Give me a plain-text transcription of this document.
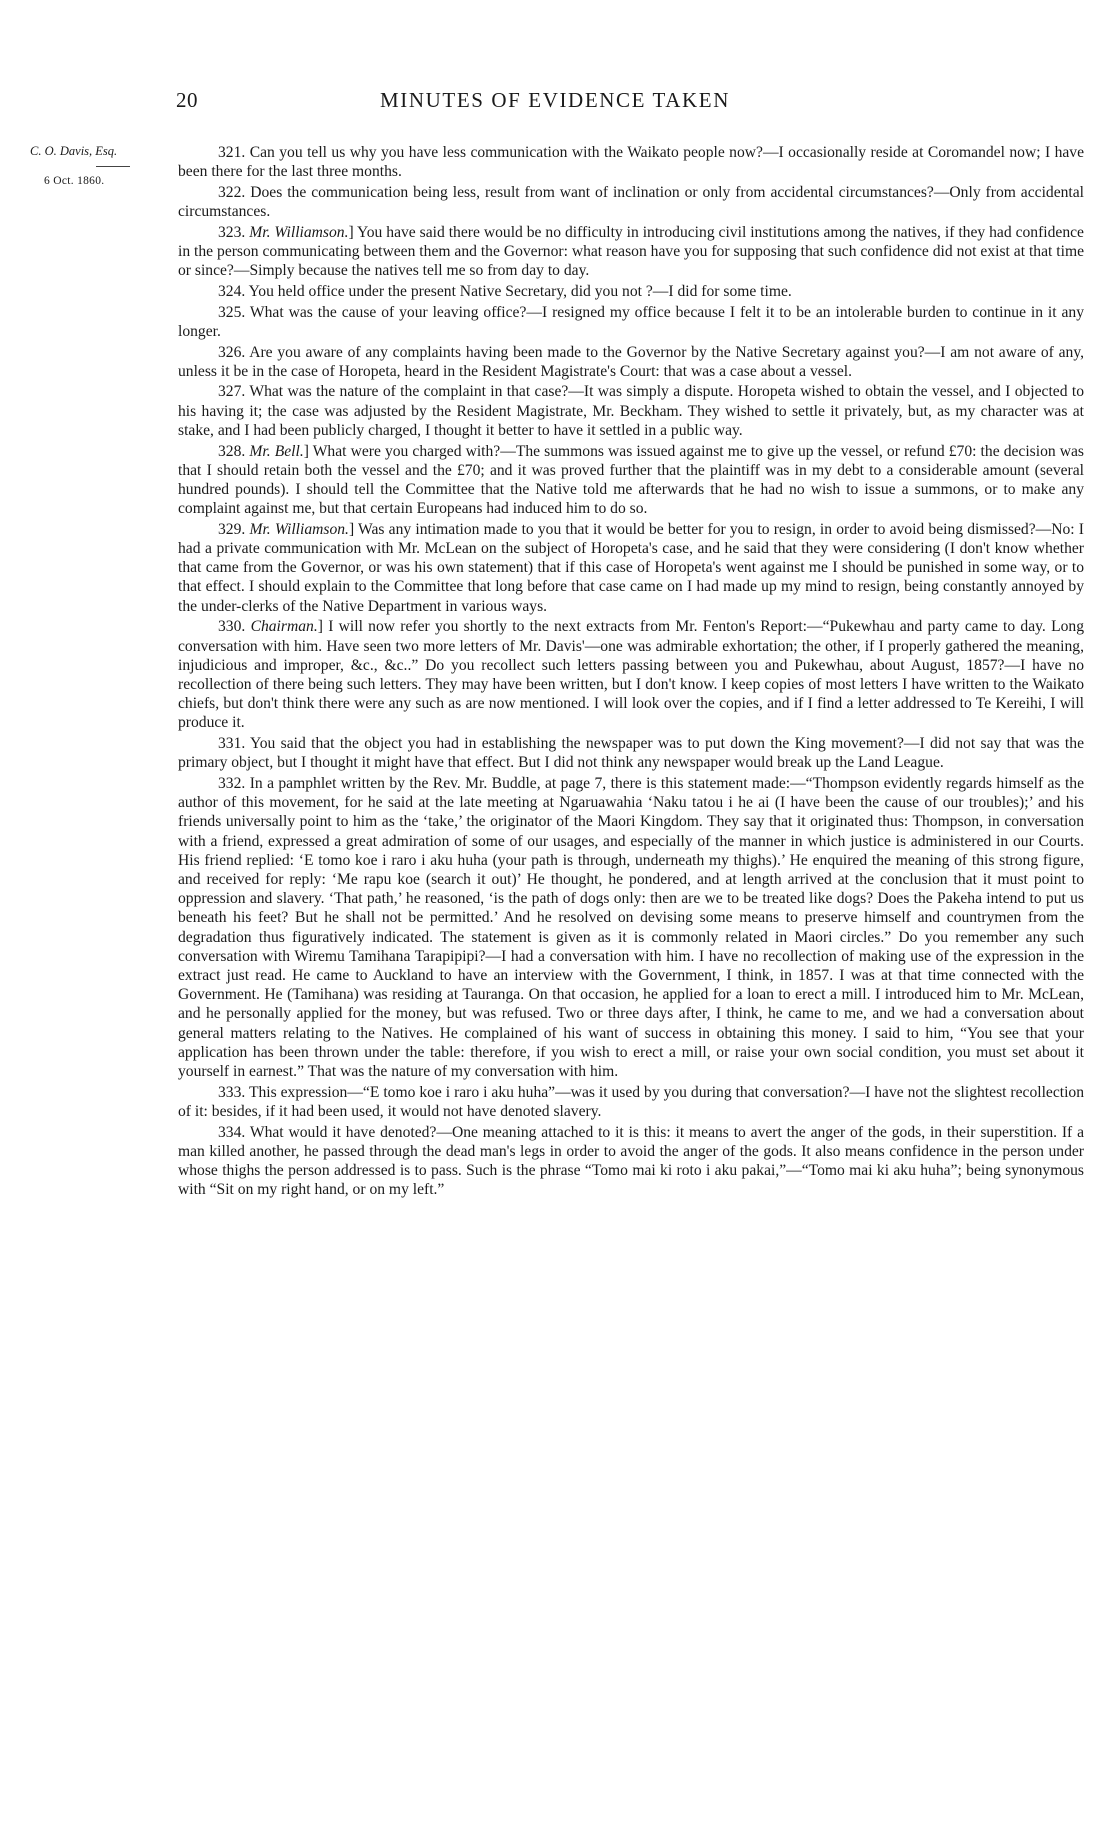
20	MINUTES OF EVIDENCE TAKEN
C. O. Davis, Esq.
6 Oct. 1860.

321. Can you tell us why you have less communication with the Waikato people now?—I occasionally reside at Coromandel now; I have been there for the last three months.

322. Does the communication being less, result from want of inclination or only from accidental circumstances?—Only from accidental circumstances.

323. Mr. Williamson.] You have said there would be no difficulty in introducing civil institutions among the natives, if they had confidence in the person communicating between them and the Governor: what reason have you for supposing that such confidence did not exist at that time or since?—Simply because the natives tell me so from day to day.

324. You held office under the present Native Secretary, did you not ?—I did for some time.

325. What was the cause of your leaving office?—I resigned my office because I felt it to be an intolerable burden to continue in it any longer.

326. Are you aware of any complaints having been made to the Governor by the Native Secretary against you?—I am not aware of any, unless it be in the case of Horopeta, heard in the Resident Magistrate's Court: that was a case about a vessel.

327. What was the nature of the complaint in that case?—It was simply a dispute. Horopeta wished to obtain the vessel, and I objected to his having it; the case was adjusted by the Resident Magistrate, Mr. Beckham. They wished to settle it privately, but, as my character was at stake, and I had been publicly charged, I thought it better to have it settled in a public way.

328. Mr. Bell.] What were you charged with?—The summons was issued against me to give up the vessel, or refund £70: the decision was that I should retain both the vessel and the £70; and it was proved further that the plaintiff was in my debt to a considerable amount (several hundred pounds). I should tell the Committee that the Native told me afterwards that he had no wish to issue a summons, or to make any complaint against me, but that certain Europeans had induced him to do so.

329. Mr. Williamson.] Was any intimation made to you that it would be better for you to resign, in order to avoid being dismissed?—No: I had a private communication with Mr. McLean on the subject of Horopeta's case, and he said that they were considering (I don't know whether that came from the Governor, or was his own statement) that if this case of Horopeta's went against me I should be punished in some way, or to that effect. I should explain to the Committee that long before that case came on I had made up my mind to resign, being constantly annoyed by the under-clerks of the Native Department in various ways.

330. Chairman.] I will now refer you shortly to the next extracts from Mr. Fenton's Report:—“Pukewhau and party came to day. Long conversation with him. Have seen two more letters of Mr. Davis'—one was admirable exhortation; the other, if I properly gathered the meaning, injudicious and improper, &c., &c..” Do you recollect such letters passing between you and Pukewhau, about August, 1857?—I have no recollection of there being such letters. They may have been written, but I don't know. I keep copies of most letters I have written to the Waikato chiefs, but don't think there were any such as are now mentioned. I will look over the copies, and if I find a letter addressed to Te Kereihi, I will produce it.

331. You said that the object you had in establishing the newspaper was to put down the King movement?—I did not say that was the primary object, but I thought it might have that effect. But I did not think any newspaper would break up the Land League.

332. In a pamphlet written by the Rev. Mr. Buddle, at page 7, there is this statement made:—“Thompson evidently regards himself as the author of this movement, for he said at the late meeting at Ngaruawahia ‘Naku tatou i he ai (I have been the cause of our troubles);’ and his friends universally point to him as the ‘take,’ the originator of the Maori Kingdom. They say that it originated thus: Thompson, in conversation with a friend, expressed a great admiration of some of our usages, and especially of the manner in which justice is administered in our Courts. His friend replied: ‘E tomo koe i raro i aku huha (your path is through, underneath my thighs).’ He enquired the meaning of this strong figure, and received for reply: ‘Me rapu koe (search it out)’ He thought, he pondered, and at length arrived at the conclusion that it must point to oppression and slavery. ‘That path,’ he reasoned, ‘is the path of dogs only: then are we to be treated like dogs? Does the Pakeha intend to put us beneath his feet? But he shall not be permitted.’ And he resolved on devising some means to preserve himself and countrymen from the degradation thus figuratively indicated. The statement is given as it is commonly related in Maori circles.” Do you remember any such conversation with Wiremu Tamihana Tarapipipi?—I had a conversation with him. I have no recollection of making use of the expression in the extract just read. He came to Auckland to have an interview with the Government, I think, in 1857. I was at that time connected with the Government. He (Tamihana) was residing at Tauranga. On that occasion, he applied for a loan to erect a mill. I introduced him to Mr. McLean, and he personally applied for the money, but was refused. Two or three days after, I think, he came to me, and we had a conversation about general matters relating to the Natives. He complained of his want of success in obtaining this money. I said to him, “You see that your application has been thrown under the table: therefore, if you wish to erect a mill, or raise your own social condition, you must set about it yourself in earnest.” That was the nature of my conversation with him.

333. This expression—“E tomo koe i raro i aku huha”—was it used by you during that conversation?—I have not the slightest recollection of it: besides, if it had been used, it would not have denoted slavery.

334. What would it have denoted?—One meaning attached to it is this: it means to avert the anger of the gods, in their superstition. If a man killed another, he passed through the dead man's legs in order to avoid the anger of the gods. It also means confidence in the person under whose thighs the person addressed is to pass. Such is the phrase “Tomo mai ki roto i aku pakai,”—“Tomo mai ki aku huha”; being synonymous with “Sit on my right hand, or on my left.”
